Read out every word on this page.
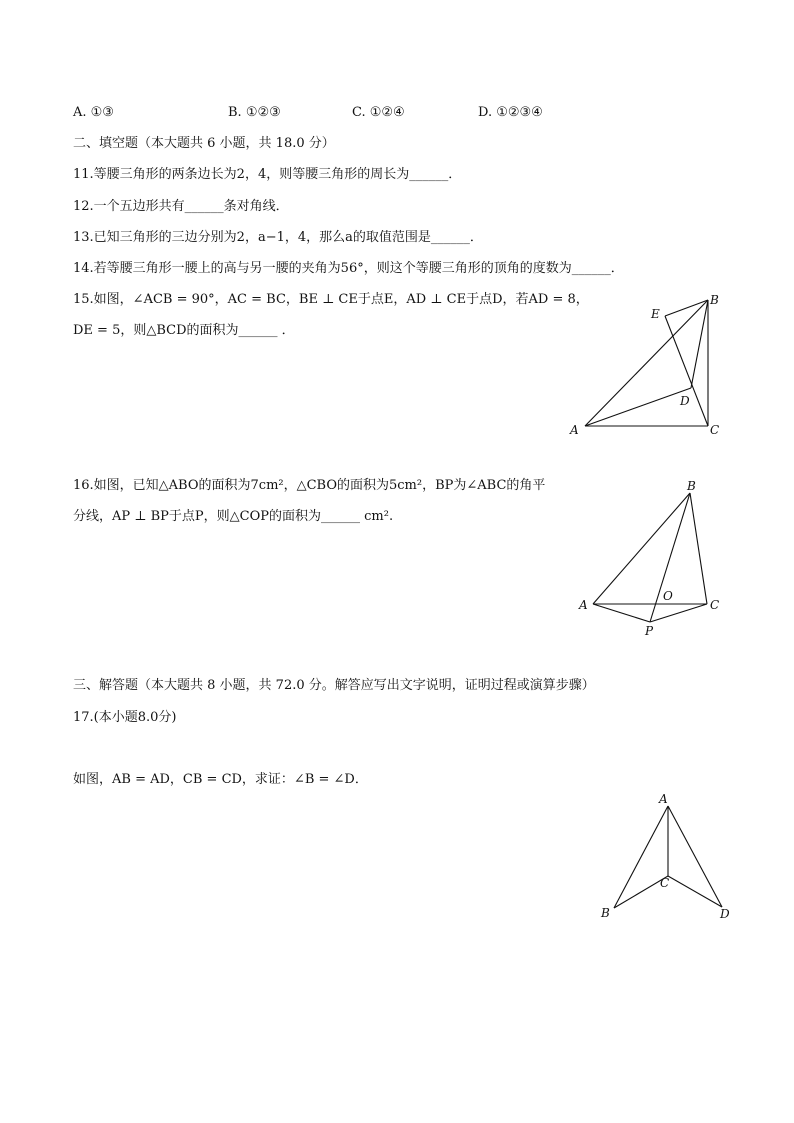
A. ①③	B. ①②③	C. ①②④	D. ①②③④
二、填空题（本大题共 6 小题，共 18.0 分）
11.等腰三角形的两条边长为2，4，则等腰三角形的周长为______．
12.一个五边形共有______条对角线．
13.已知三角形的三边分别为2，a−1，4，那么a的取值范围是______．
14.若等腰三角形一腰上的高与另一腰的夹角为56°，则这个等腰三角形的顶角的度数为______．
15.如图，∠ACB = 90°，AC = BC，BE ⊥ CE于点E，AD ⊥ CE于点D，若AD = 8，
DE = 5，则△BCD的面积为______ ．
E
B
D
A	C
16.如图，已知△ABO的面积为7cm²，△CBO的面积为5cm²，BP为∠ABC的角平
分线，AP ⊥ BP于点P，则△COP的面积为______ cm².
B
A
O
C
P
三、解答题（本大题共 8 小题，共 72.0 分。解答应写出文字说明，证明过程或演算步骤）
17.(本小题8.0分)
如图，AB = AD，CB = CD，求证：∠B = ∠D．
A
C
B	D
